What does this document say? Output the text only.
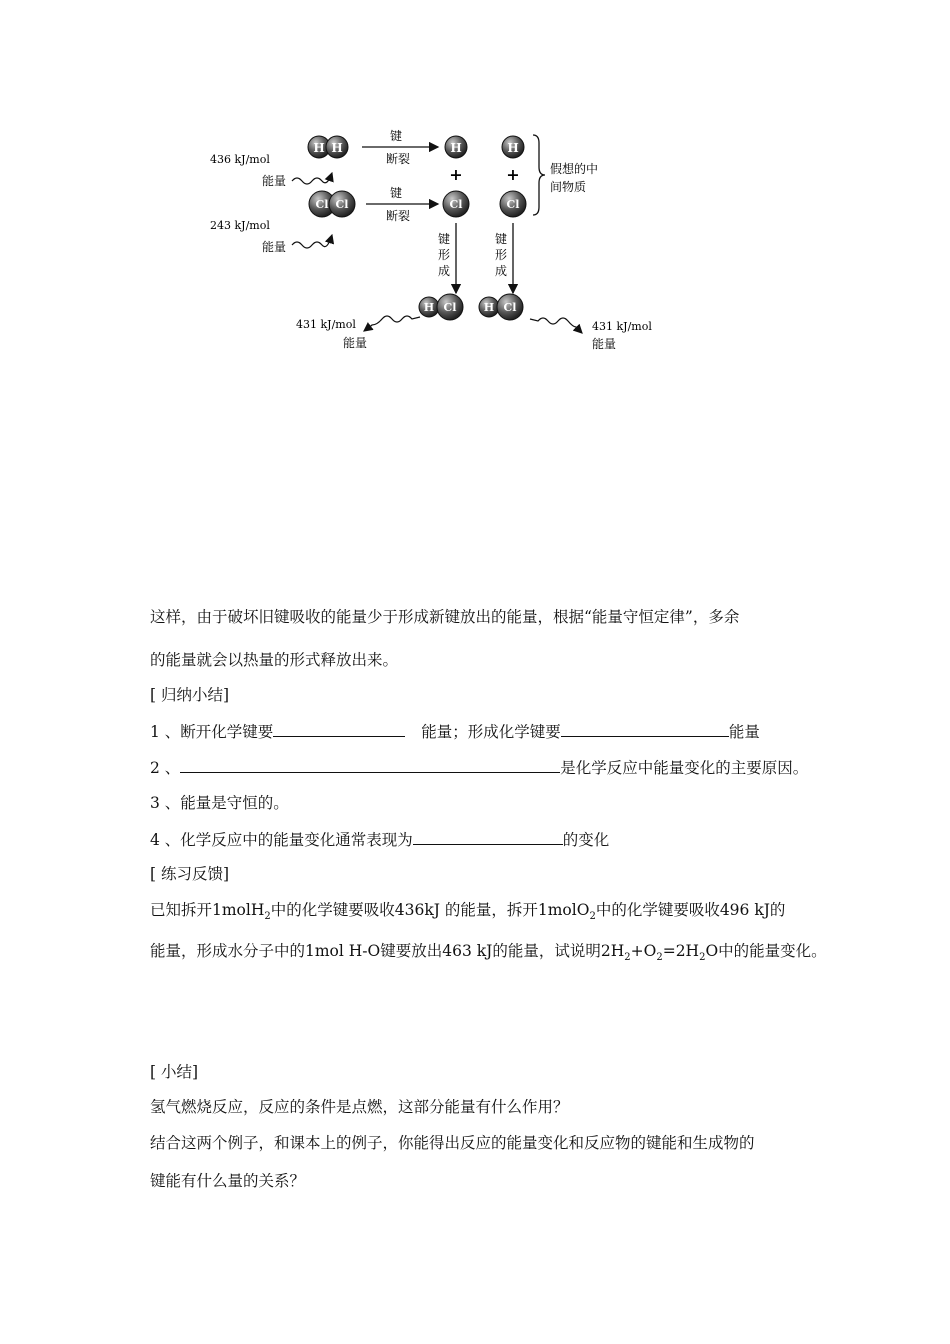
H H
436 kJ/mol
能量
键
断裂
H	H
+	+
Cl Cl
243 kJ/mol
能量
键
断裂
Cl	Cl
假想的中
间物质
键
形
成
键
形
成
H Cl H Cl
431 kJ/mol
能量
431 kJ/mol
能量
这样，由于破坏旧键吸收的能量少于形成新键放出的能量，根据“能量守恒定律”，多余
的能量就会以热量的形式释放出来。
[ 归纳小结]
1 、断开化学键要	能量；形成化学键要	能量
2 、	是化学反应中能量变化的主要原因。
3 、能量是守恒的。
4 、化学反应中的能量变化通常表现为	的变化
[ 练习反馈]
已知拆开1molH$_2$中的化学键要吸收436kJ 的能量，拆开1molO$_2$中的化学键要吸收496 kJ的
能量，形成水分子中的1mol H-O键要放出463 kJ的能量，试说明$2H_2+O_2=2H_2O$中的能量变化。
[ 小结]
氢气燃烧反应，反应的条件是点燃，这部分能量有什么作用？
结合这两个例子，和课本上的例子，你能得出反应的能量变化和反应物的键能和生成物的
键能有什么量的关系？
